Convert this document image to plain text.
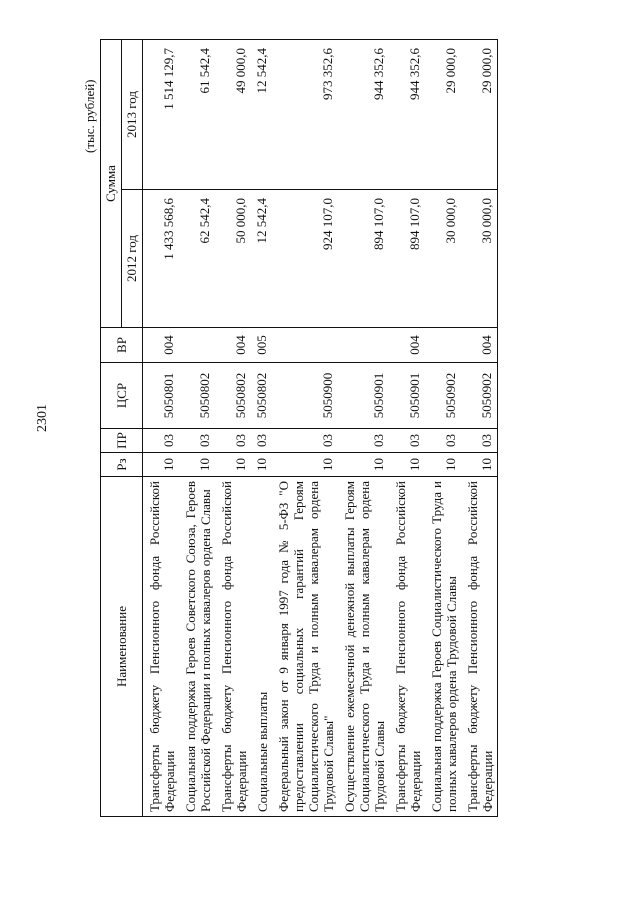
2301
(тыс. рублей)
Наименование	Рз	ПР	ЦСР	ВР	Сумма	
					2012 год	2013 год
Трансферты бюджету Пенсионного фонда Российской Федерации	10	03	5050801	004	1 433 568,6	1 514 129,7
Социальная поддержка Героев Советского Союза, Героев Российской Федерации и полных кавалеров ордена Славы	10	03	5050802		62 542,4	61 542,4
Трансферты бюджету Пенсионного фонда Российской Федерации	10	03	5050802	004	50 000,0	49 000,0
Социальные выплаты	10	03	5050802	005	12 542,4	12 542,4
Федеральный закон от 9 января 1997 года № 5-ФЗ "О предоставлении социальных гарантий Героям Социалистического Труда и полным кавалерам ордена Трудовой Славы"	10	03	5050900		924 107,0	973 352,6
Осуществление ежемесячной денежной выплаты Героям Социалистического Труда и полным кавалерам ордена Трудовой Славы	10	03	5050901		894 107,0	944 352,6
Трансферты бюджету Пенсионного фонда Российской Федерации	10	03	5050901	004	894 107,0	944 352,6
Социальная поддержка Героев Социалистического Труда и полных кавалеров ордена Трудовой Славы	10	03	5050902		30 000,0	29 000,0
Трансферты бюджету Пенсионного фонда Российской Федерации	10	03	5050902	004	30 000,0	29 000,0
